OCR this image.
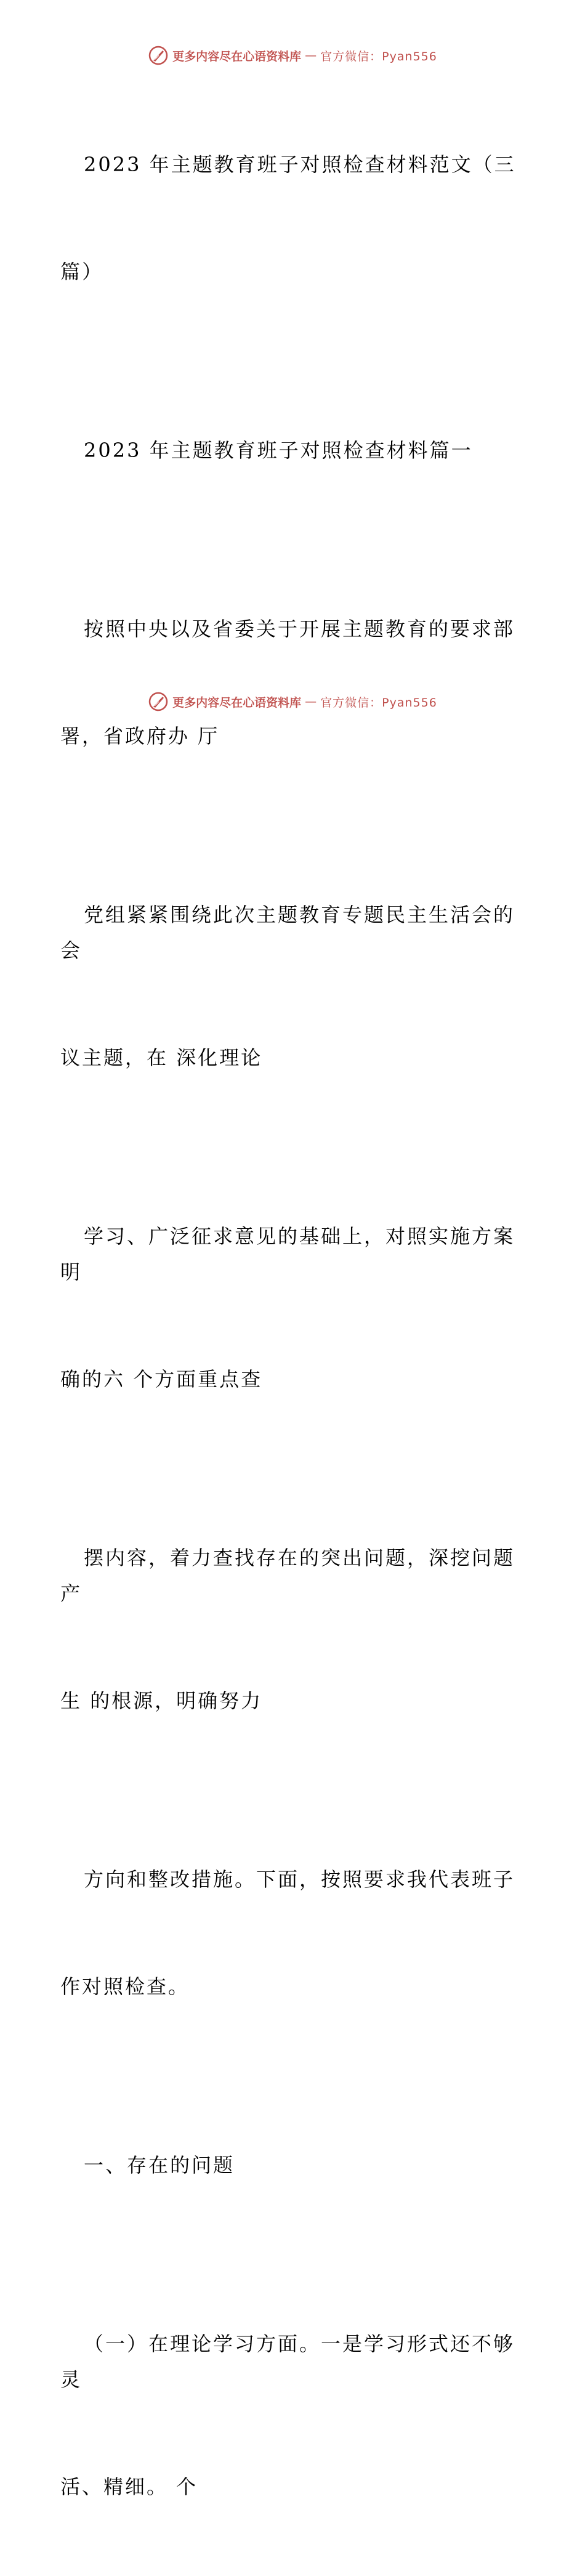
更多内容尽在心语资料库 — 官方微信：Pyan556

2023 年主题教育班子对照检查材料范文（三

篇）

2023 年主题教育班子对照检查材料篇一

按照中央以及省委关于开展主题教育的要求部

署，省政府办 厅

党组紧紧围绕此次主题教育专题民主生活会的会

议主题，在 深化理论

学习、广泛征求意见的基础上，对照实施方案明

确的六 个方面重点查

摆内容，着力查找存在的突出问题，深挖问题产

生 的根源，明确努力

方向和整改措施。下面，按照要求我代表班子

作对照检查。

一、存在的问题

（一）在理论学习方面。一是学习形式还不够灵

活、精细。 个

更多内容尽在心语资料库 — 官方微信：Pyan556
